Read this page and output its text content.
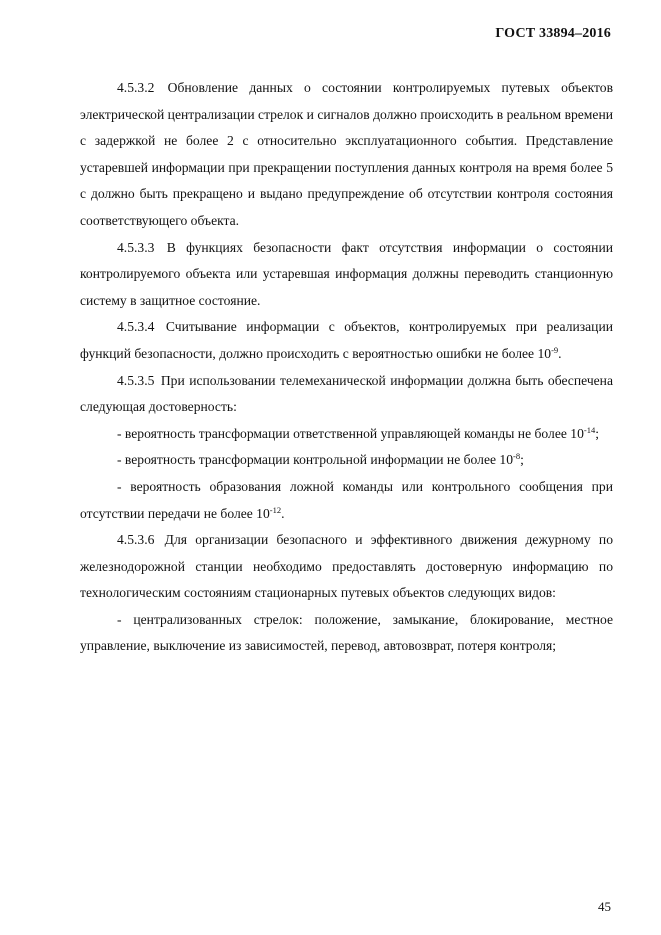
ГОСТ 33894–2016

4.5.3.2 Обновление данных о состоянии контролируемых путевых объектов электрической централизации стрелок и сигналов должно происходить в реальном времени с задержкой не более 2 с относительно эксплуатационного события. Представление устаревшей информации при прекращении поступления данных контроля на время более 5 с должно быть прекращено и выдано предупреждение об отсутствии контроля состояния соответствующего объекта.

4.5.3.3 В функциях безопасности факт отсутствия информации о состоянии контролируемого объекта или устаревшая информация должны переводить станционную систему в защитное состояние.

4.5.3.4 Считывание информации с объектов, контролируемых при реализации функций безопасности, должно происходить с вероятностью ошибки не более $10^{-9}$.

4.5.3.5 При использовании телемеханической информации должна быть обеспечена следующая достоверность:

- вероятность трансформации ответственной управляющей команды не более $10^{-14}$;

- вероятность трансформации контрольной информации не более $10^{-8}$;

- вероятность образования ложной команды или контрольного сообщения при отсутствии передачи не более $10^{-12}$.

4.5.3.6 Для организации безопасного и эффективного движения дежурному по железнодорожной станции необходимо предоставлять достоверную информацию по технологическим состояниям стационарных путевых объектов следующих видов:

- централизованных стрелок: положение, замыкание, блокирование, местное управление, выключение из зависимостей, перевод, автовозврат, потеря контроля;

45
